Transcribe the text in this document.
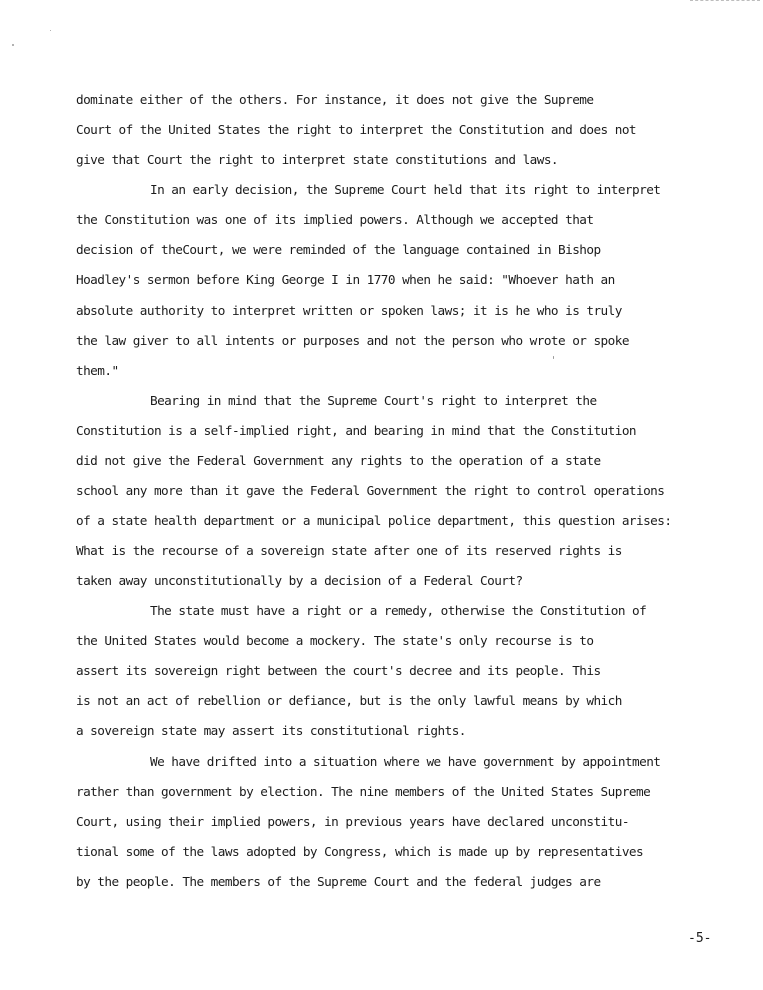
dominate either of the others. For instance, it does not give the Supreme
Court of the United States the right to interpret the Constitution and does not
give that Court the right to interpret state constitutions and laws.
In an early decision, the Supreme Court held that its right to interpret
the Constitution was one of its implied powers. Although we accepted that
decision of theCourt, we were reminded of the language contained in Bishop
Hoadley's sermon before King George I in 1770 when he said: "Whoever hath an
absolute authority to interpret written or spoken laws; it is he who is truly
the law giver to all intents or purposes and not the person who wrote or spoke
them."
Bearing in mind that the Supreme Court's right to interpret the
Constitution is a self-implied right, and bearing in mind that the Constitution
did not give the Federal Government any rights to the operation of a state
school any more than it gave the Federal Government the right to control operations
of a state health department or a municipal police department, this question arises:
What is the recourse of a sovereign state after one of its reserved rights is
taken away unconstitutionally by a decision of a Federal Court?
The state must have a right or a remedy, otherwise the Constitution of
the United States would become a mockery. The state's only recourse is to
assert its sovereign right between the court's decree and its people. This
is not an act of rebellion or defiance, but is the only lawful means by which
a sovereign state may assert its constitutional rights.
We have drifted into a situation where we have government by appointment
rather than government by election. The nine members of the United States Supreme
Court, using their implied powers, in previous years have declared unconstitu-
tional some of the laws adopted by Congress, which is made up by representatives
by the people. The members of the Supreme Court and the federal judges are
-5-
